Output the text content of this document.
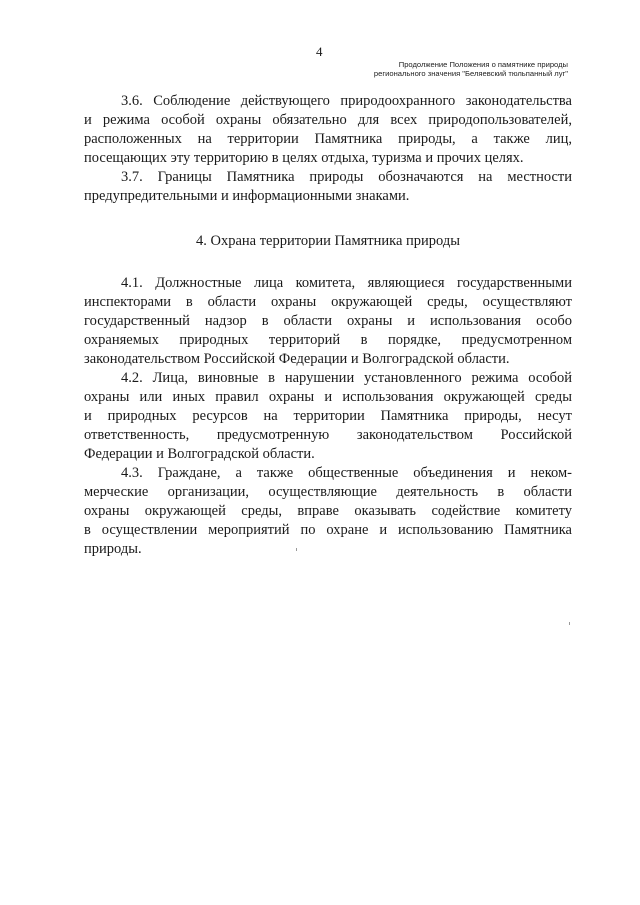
4
Продолжение Положения о памятнике природы
регионального значения "Беляевский тюльпанный луг"
3.6. Соблюдение действующего природоохранного законодательства
и режима особой охраны обязательно для всех природопользователей,
расположенных на территории Памятника природы, а также лиц,
посещающих эту территорию в целях отдыха, туризма и прочих целях.
3.7. Границы Памятника природы обозначаются на местности
предупредительными и информационными знаками.
4. Охрана территории Памятника природы
4.1. Должностные лица комитета, являющиеся государственными
инспекторами в области охраны окружающей среды, осуществляют
государственный надзор в области охраны и использования особо
охраняемых природных территорий в порядке, предусмотренном
законодательством Российской Федерации и Волгоградской области.
4.2. Лица, виновные в нарушении установленного режима особой
охраны или иных правил охраны и использования окружающей среды
и природных ресурсов на территории Памятника природы, несут
ответственность, предусмотренную законодательством Российской
Федерации и Волгоградской области.
4.3. Граждане, а также общественные объединения и неком-
мерческие организации, осуществляющие деятельность в области
охраны окружающей среды, вправе оказывать содействие комитету
в осуществлении мероприятий по охране и использованию Памятника
природы.
